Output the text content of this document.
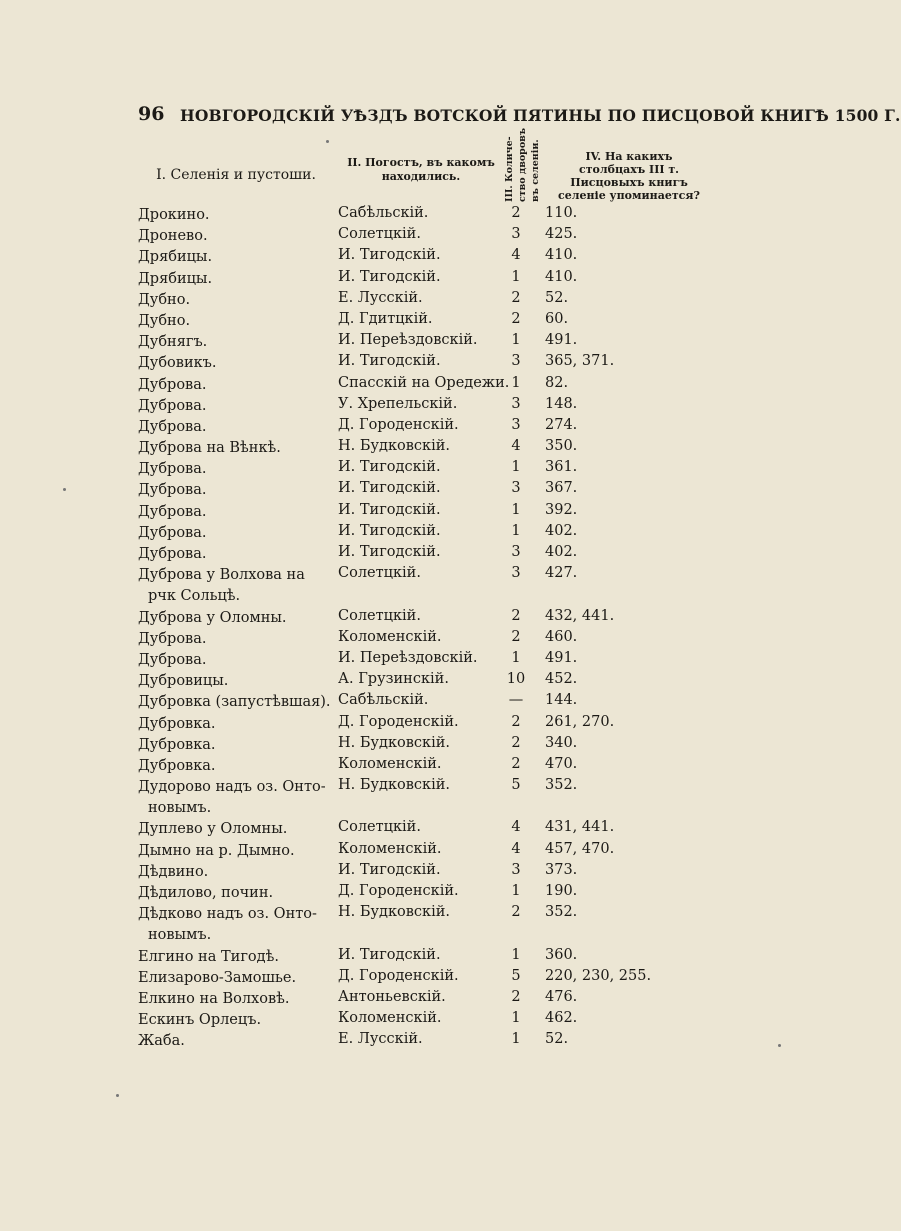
96 НОВГОРОДСКІЙ УѢЗДЪ ВОТСКОЙ ПЯТИНЫ ПО ПИСЦОВОЙ КНИГѢ 1500 Г.
I. Селенія и пустоши.
II. Погостъ, въ какомъ находились.	III. Количе- ство дворовъ въ селеніи.	IV. На какихъ столбцахъ III т. Писцовыхъ книгъ селеніе упоминается?
Дрокино.	Сабѣльскій.	2	110.
Дронево.	Солетцкій.	3	425.
Дрябицы.	И. Тигодскій.	4	410.
Дрябицы.	И. Тигодскій.	1	410.
Дубно.	Е. Лусскій.	2	52.
Дубно.	Д. Гдитцкій.	2	60.
Дубнягъ.	И. Переѣздовскій.	1	491.
Дубовикъ.	И. Тигодскій.	3	365, 371.
Дуброва.	Спасскій на Оредежи. 1	82.
Дуброва.	У. Хрепельскій.	3	148.
Дуброва.	Д. Городенскій.	3	274.
Дуброва на Вѣнкѣ.	Н. Будковскій.	4	350.
Дуброва.	И. Тигодскій.	1	361.
Дуброва.	И. Тигодскій.	3	367.
Дуброва.	И. Тигодскій.	1	392.
Дуброва.	И. Тигодскій.	1	402.
Дуброва.	И. Тигодскій.	3	402.
Дуброва у Волхова на
рчк Сольцѣ.
Солетцкій.	3	427.
Дуброва у Оломны.	Солетцкій.	2	432, 441.
Дуброва.	Коломенскій.	2	460.
Дуброва.	И. Переѣздовскій.	1	491.
Дубровицы.	А. Грузинскій.	10	452.
Дубровка (запустѣвшая). Сабѣльскій.	—	144.
Дубровка.	Д. Городенскій.	2	261, 270.
Дубровка.	Н. Будковскій.	2	340.
Дубровка.	Коломенскій.	2	470.
Дудорово надъ оз. Онто-
новымъ.
Н. Будковскій.	5	352.
Дуплево у Оломны.	Солетцкій.	4	431, 441.
Дымно на р. Дымно.	Коломенскій.	4	457, 470.
Дѣдвино.	И. Тигодскій.	3	373.
Дѣдилово, почин.	Д. Городенскій.	1	190.
Дѣдково надъ оз. Онто-
новымъ.
Н. Будковскій.	2	352.
Елгино на Тигодѣ.	И. Тигодскій.	1	360.
Елизарово-Замошье.	Д. Городенскій.	5	220, 230, 255.
Елкино на Волховѣ.	Антоньевскій.	2	476.
Ескинъ Орлецъ.	Коломенскій.	1	462.
Жаба.	Е. Лусскій.	1	52.
